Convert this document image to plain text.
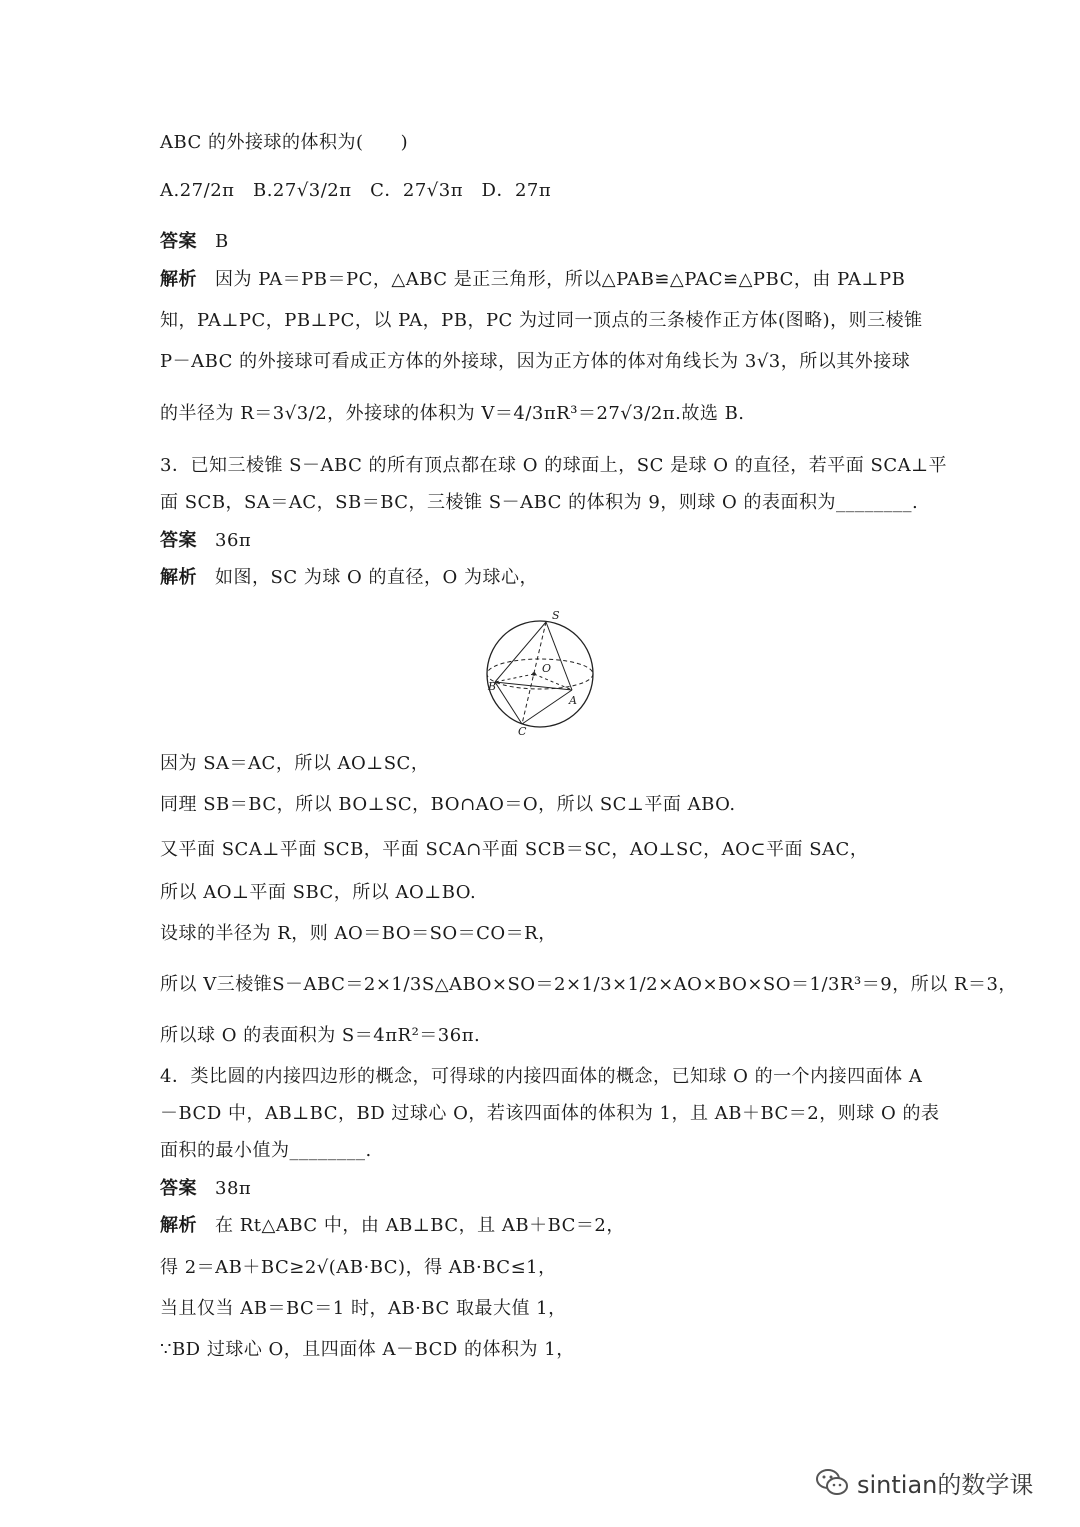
ABC 的外接球的体积为(　　)
A.27/2π　B.27√3/2π　C．27√3π　D．27π
答案 B
解析 因为 PA＝PB＝PC，△ABC 是正三角形，所以△PAB≌△PAC≌△PBC，由 PA⊥PB
知，PA⊥PC，PB⊥PC，以 PA，PB，PC 为过同一顶点的三条棱作正方体(图略)，则三棱锥
P－ABC 的外接球可看成正方体的外接球，因为正方体的体对角线长为 3√3，所以其外接球
的半径为 R＝3√3/2，外接球的体积为 V＝4/3πR³＝27√3/2π.故选 B.
3．已知三棱锥 S－ABC 的所有顶点都在球 O 的球面上，SC 是球 O 的直径，若平面 SCA⊥平
面 SCB，SA＝AC，SB＝BC，三棱锥 S－ABC 的体积为 9，则球 O 的表面积为________.
答案 36π
解析 如图，SC 为球 O 的直径，O 为球心，
S
O
B
A
C
因为 SA＝AC，所以 AO⊥SC，
同理 SB＝BC，所以 BO⊥SC，BO∩AO＝O，所以 SC⊥平面 ABO.
又平面 SCA⊥平面 SCB，平面 SCA∩平面 SCB＝SC，AO⊥SC，AO⊂平面 SAC，
所以 AO⊥平面 SBC，所以 AO⊥BO.
设球的半径为 R，则 AO＝BO＝SO＝CO＝R，
所以 V三棱锥S－ABC＝2×1/3S△ABO×SO＝2×1/3×1/2×AO×BO×SO＝1/3R³＝9，所以 R＝3，
所以球 O 的表面积为 S＝4πR²＝36π.
4．类比圆的内接四边形的概念，可得球的内接四面体的概念，已知球 O 的一个内接四面体 A
－BCD 中，AB⊥BC，BD 过球心 O，若该四面体的体积为 1，且 AB＋BC＝2，则球 O 的表
面积的最小值为________.
答案 38π
解析 在 Rt△ABC 中，由 AB⊥BC，且 AB＋BC＝2，
得 2＝AB＋BC≥2√(AB·BC)，得 AB·BC≤1，
当且仅当 AB＝BC＝1 时，AB·BC 取最大值 1，
∵BD 过球心 O，且四面体 A－BCD 的体积为 1，
sintian的数学课
